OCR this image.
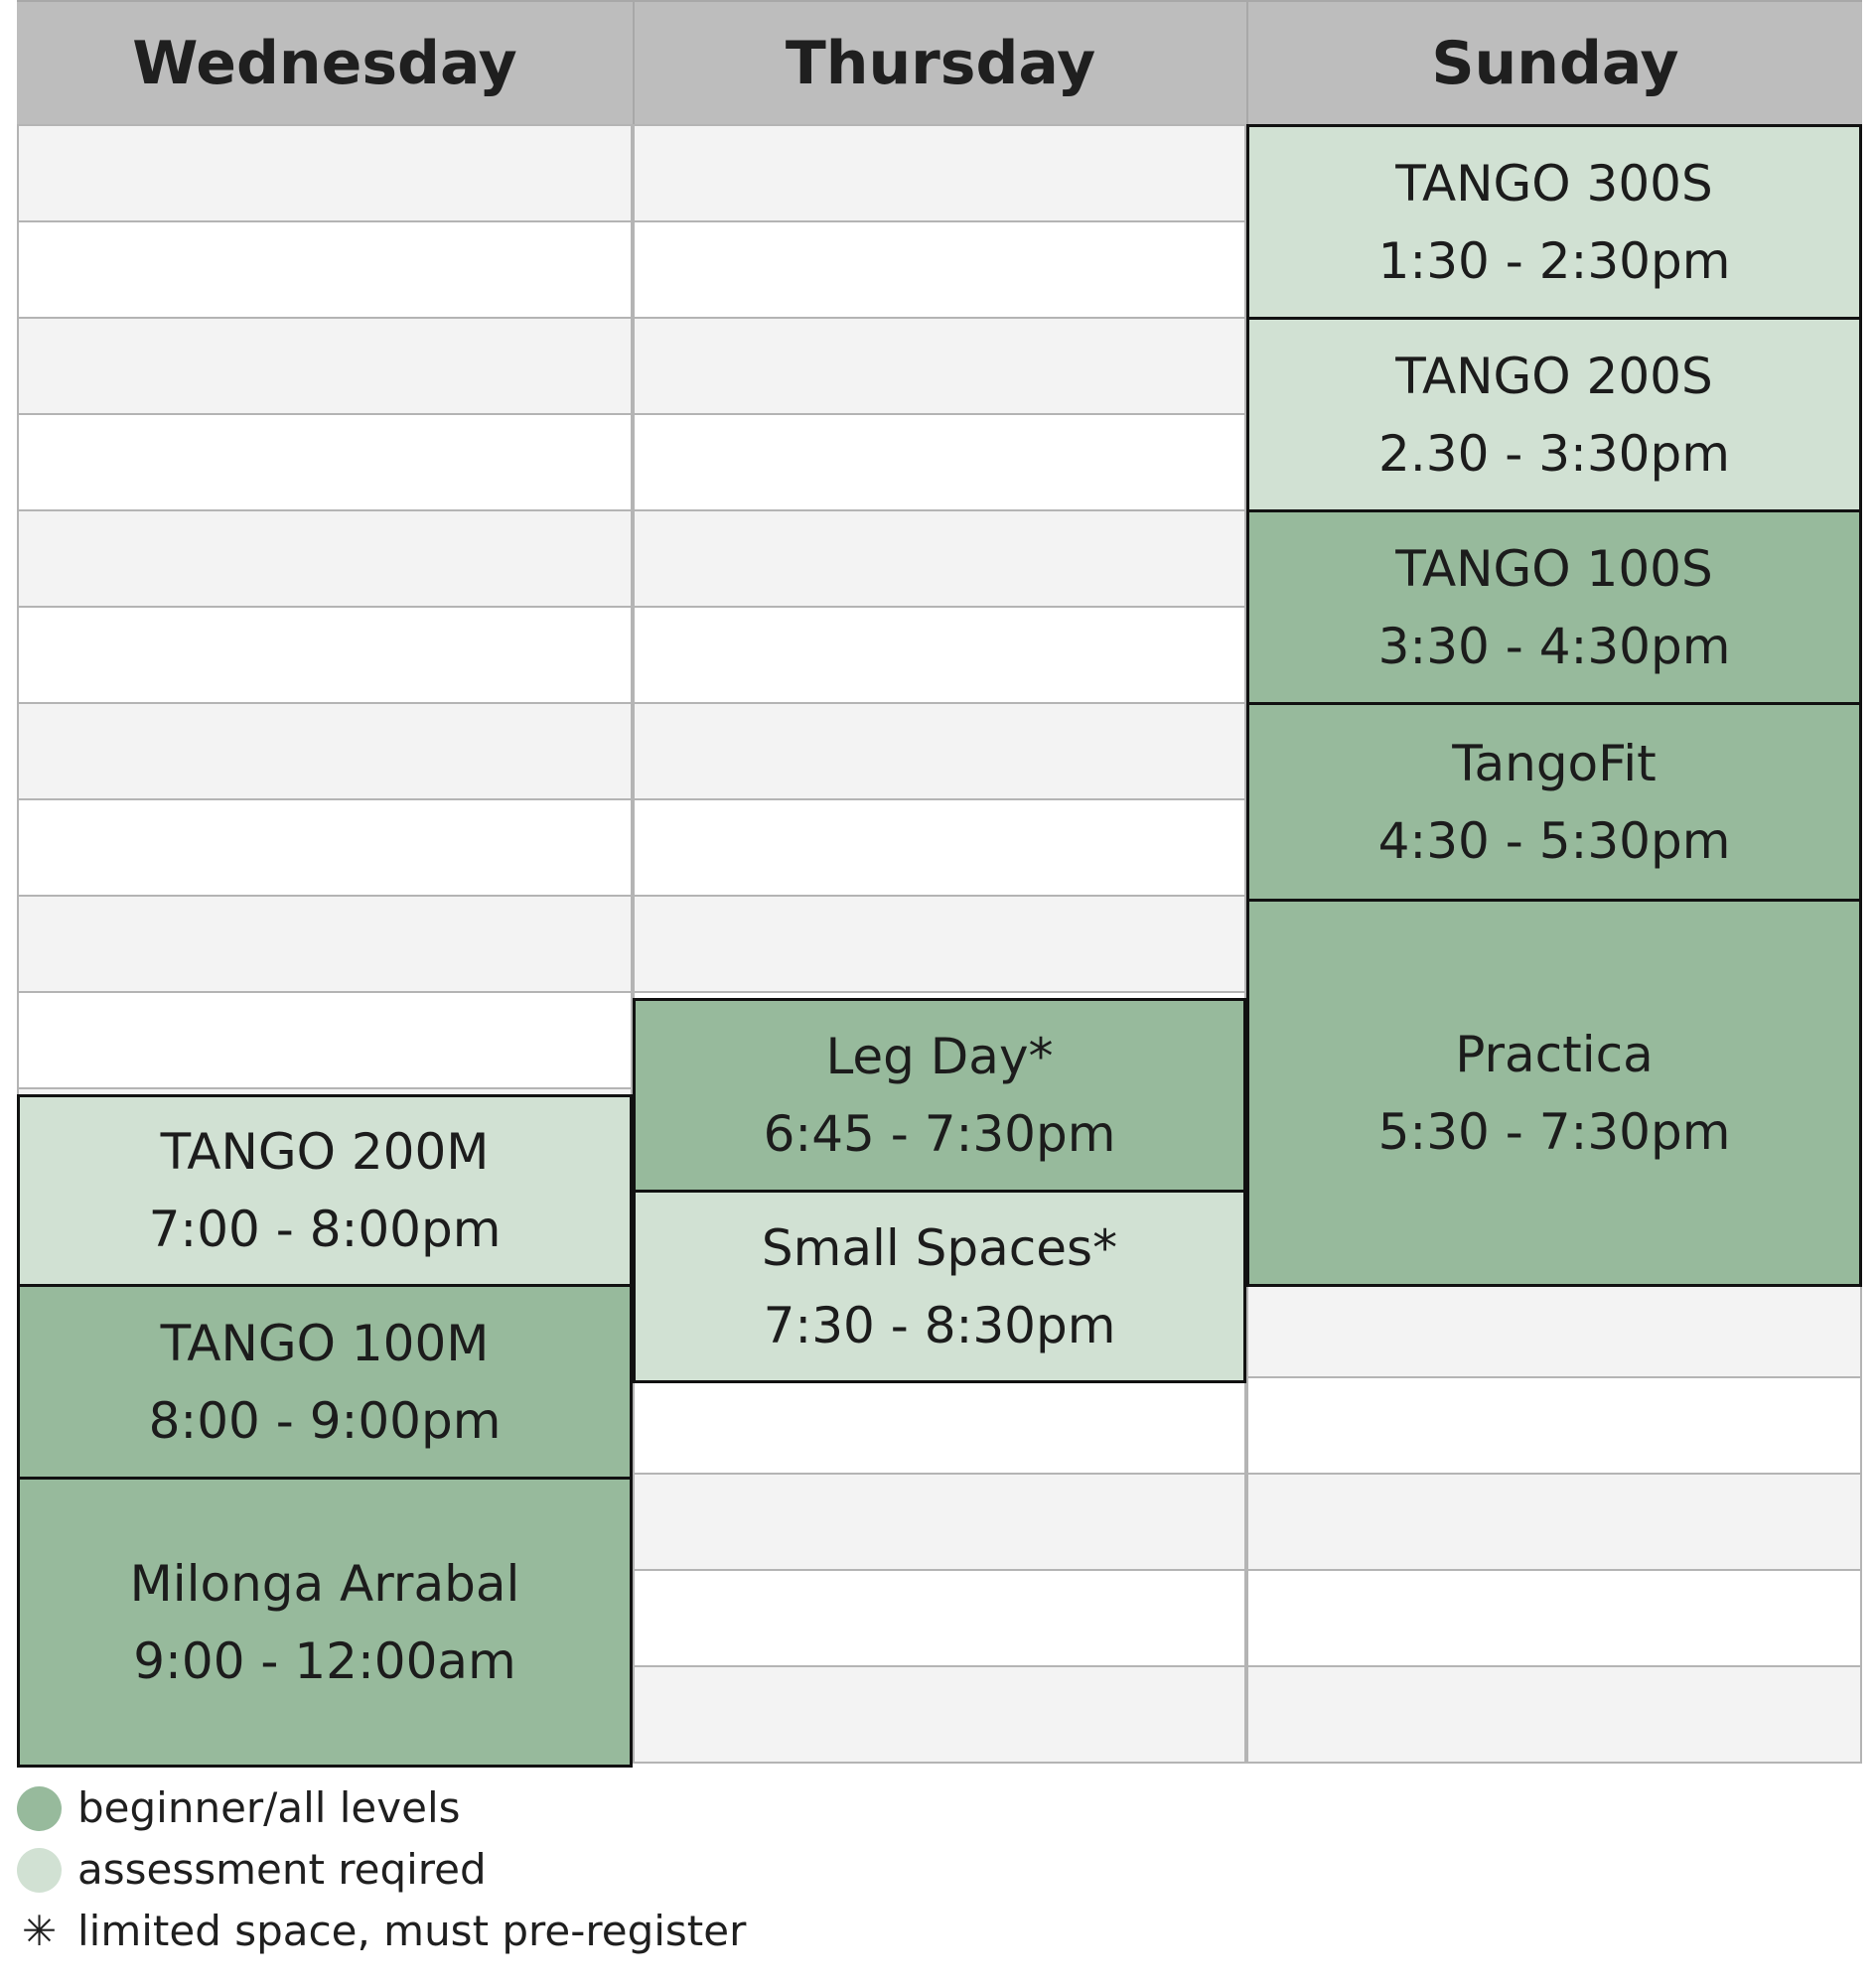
Wednesday	Thursday	Sunday
TANGO 200M
7:00 - 8:00pm
TANGO 100M
8:00 - 9:00pm
Milonga Arrabal
9:00 - 12:00am
Leg Day*
6:45 - 7:30pm
Small Spaces*
7:30 - 8:30pm
TANGO 300S
1:30 - 2:30pm
TANGO 200S
2.30 - 3:30pm
TANGO 100S
3:30 - 4:30pm
TangoFit
4:30 - 5:30pm
Practica
5:30 - 7:30pm
beginner/all levels
assessment reqired
✳ limited space, must pre-register
